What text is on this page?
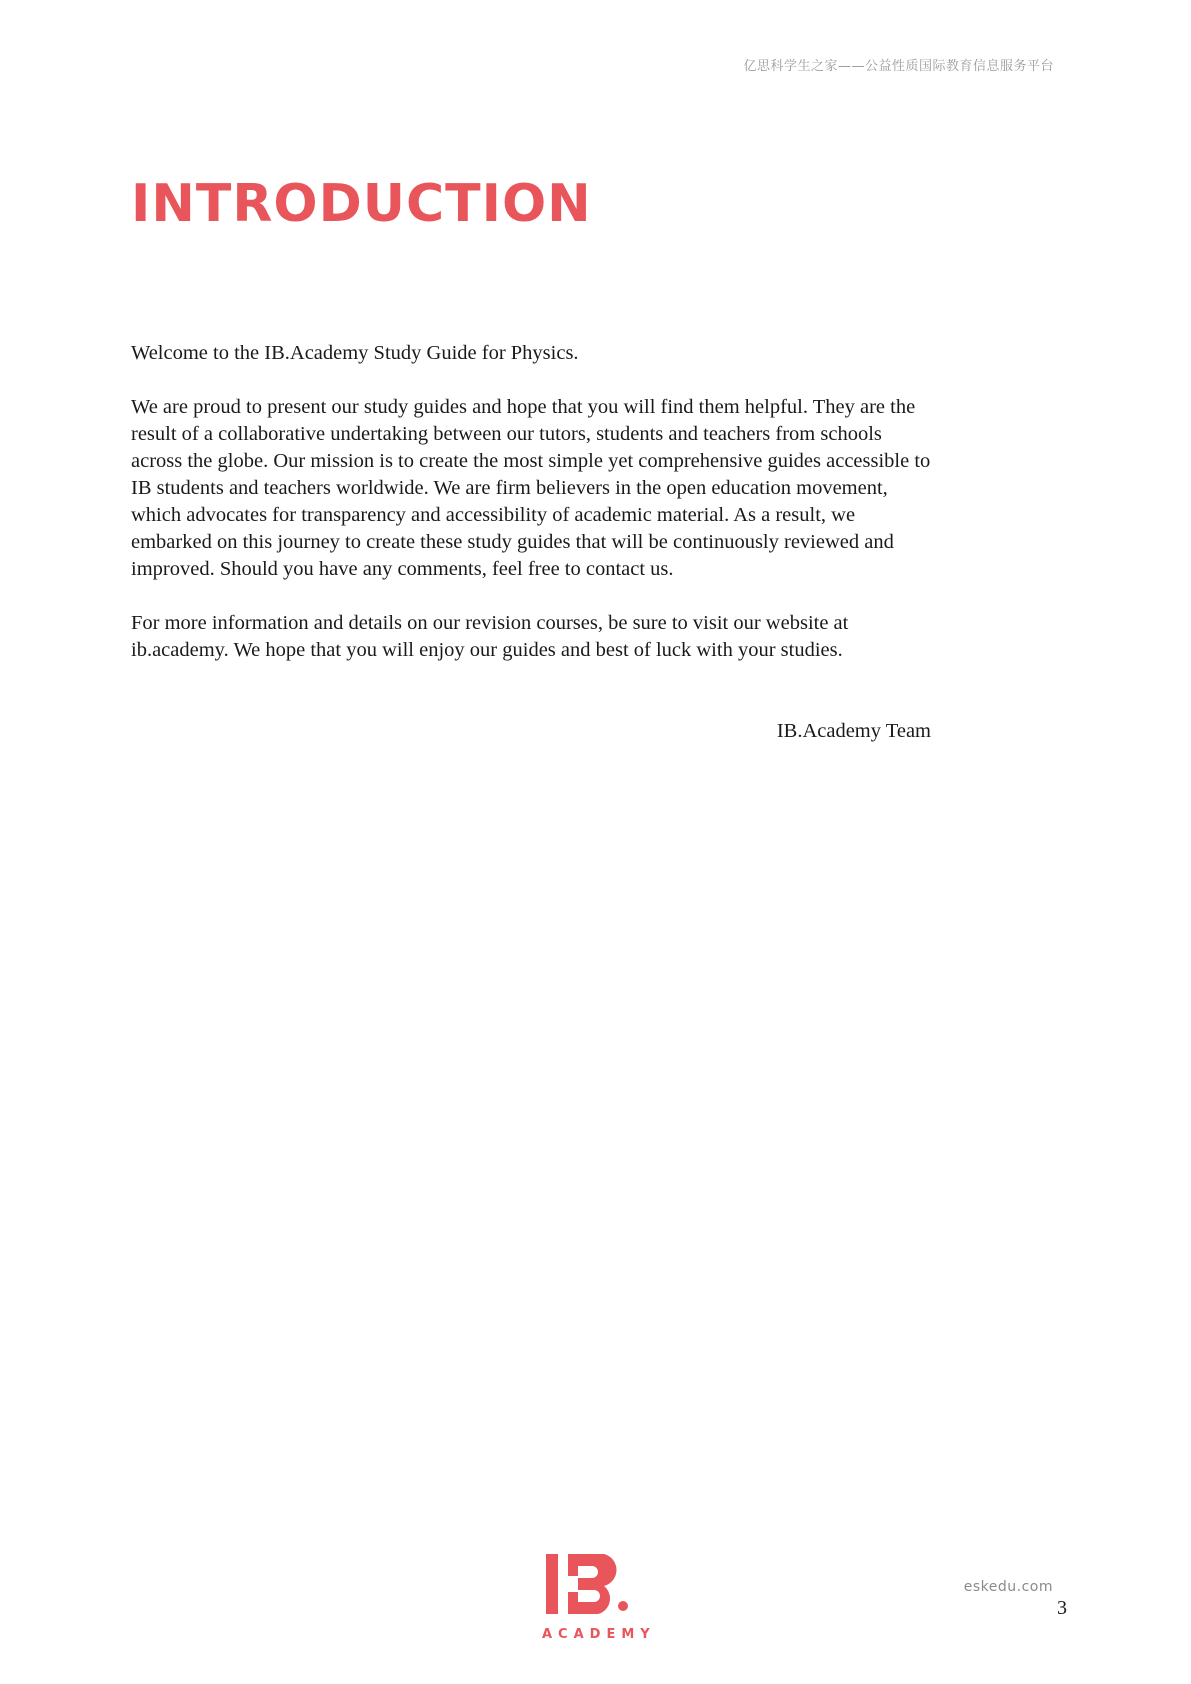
亿思科学生之家——公益性质国际教育信息服务平台
INTRODUCTION

Welcome to the IB.Academy Study Guide for Physics.

We are proud to present our study guides and hope that you will find them helpful. They are the result of a collaborative undertaking between our tutors, students and teachers from schools across the globe. Our mission is to create the most simple yet comprehensive guides accessible to IB students and teachers worldwide. We are firm believers in the open education movement, which advocates for transparency and accessibility of academic material. As a result, we embarked on this journey to create these study guides that will be continuously reviewed and improved. Should you have any comments, feel free to contact us.

For more information and details on our revision courses, be sure to visit our website at ib.academy. We hope that you will enjoy our guides and best of luck with your studies.

IB.Academy Team

ACADEMY
eskedu.com
3
